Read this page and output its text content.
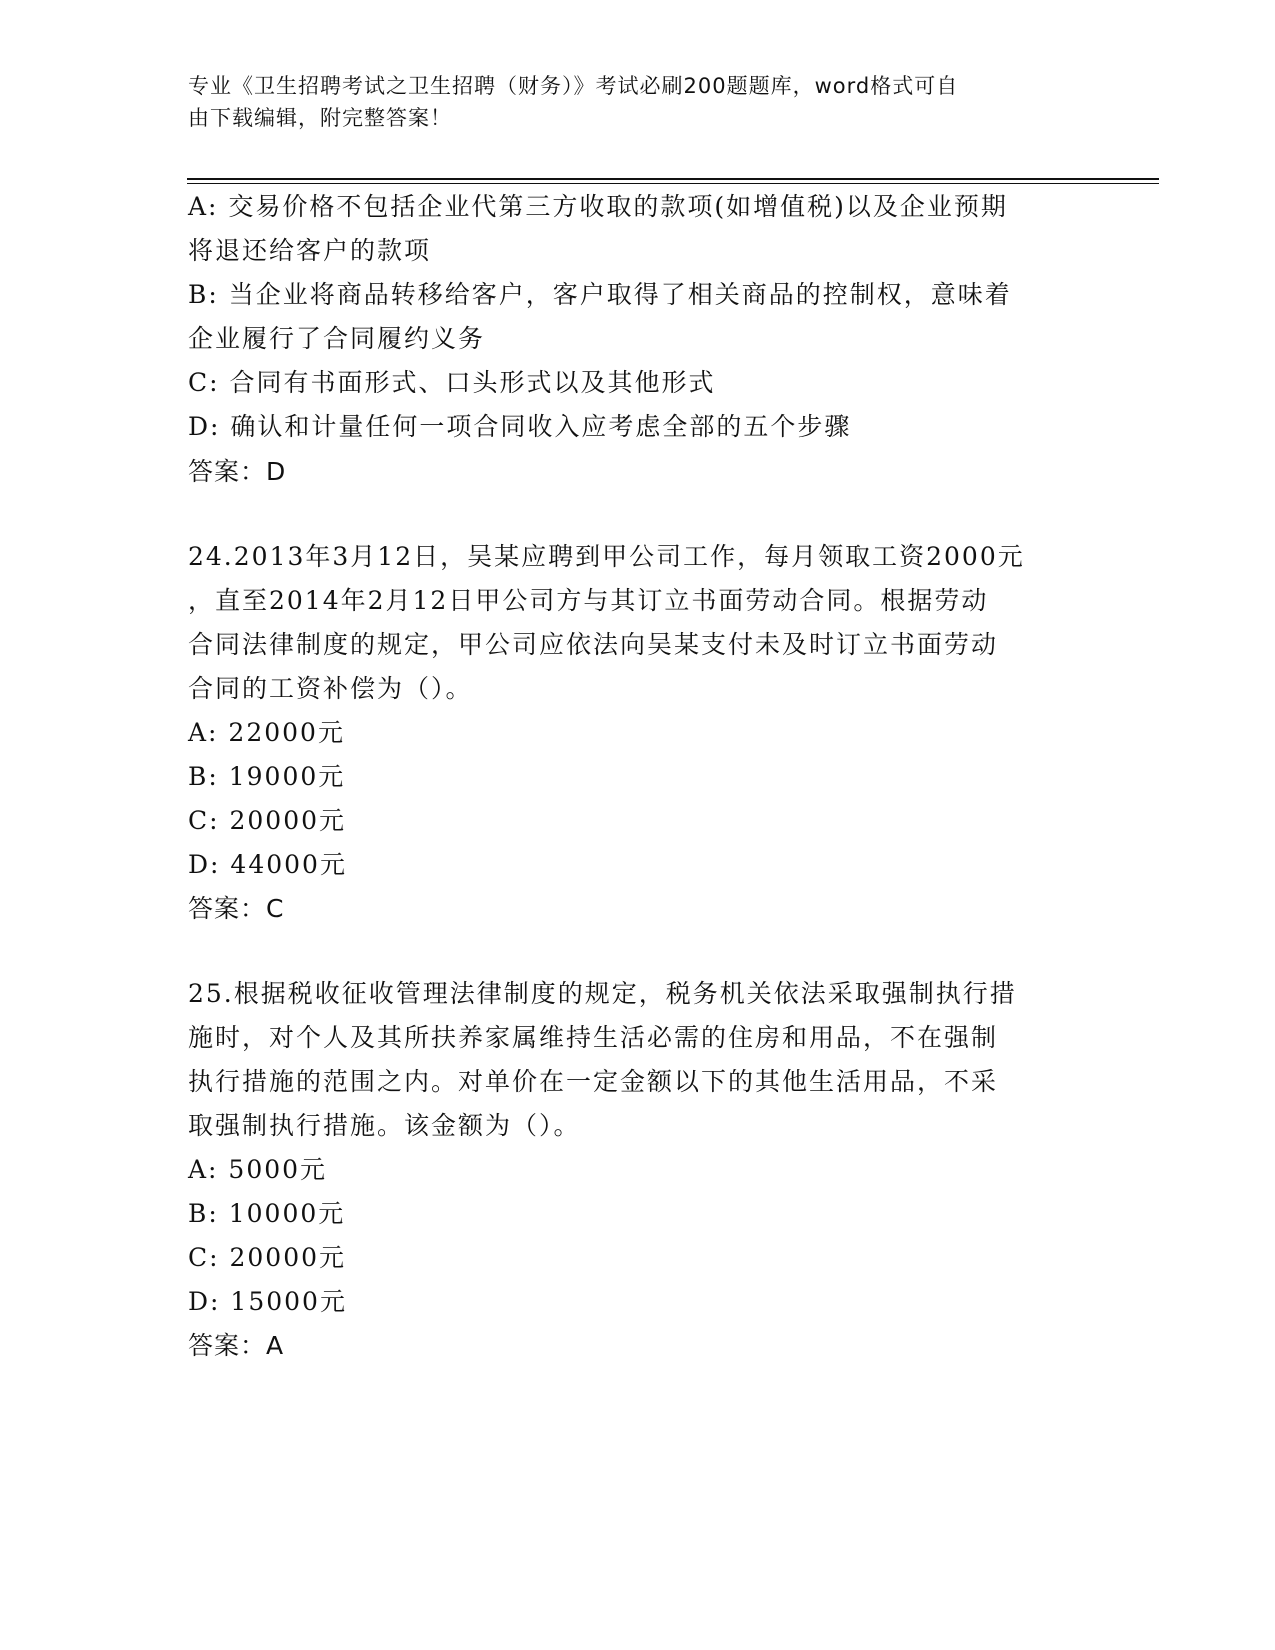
专业《卫生招聘考试之卫生招聘（财务）》考试必刷200题题库，word格式可自
由下载编辑，附完整答案！
A: 交易价格不包括企业代第三方收取的款项(如增值税)以及企业预期
将退还给客户的款项
B: 当企业将商品转移给客户，客户取得了相关商品的控制权，意味着
企业履行了合同履约义务
C: 合同有书面形式、口头形式以及其他形式
D: 确认和计量任何一项合同收入应考虑全部的五个步骤
答案：D
24.2013年3月12日，吴某应聘到甲公司工作，每月领取工资2000元
，直至2014年2月12日甲公司方与其订立书面劳动合同。根据劳动
合同法律制度的规定，甲公司应依法向吴某支付未及时订立书面劳动
合同的工资补偿为（）。
A: 22000元
B: 19000元
C: 20000元
D: 44000元
答案：C
25.根据税收征收管理法律制度的规定，税务机关依法采取强制执行措
施时，对个人及其所扶养家属维持生活必需的住房和用品，不在强制
执行措施的范围之内。对单价在一定金额以下的其他生活用品，不采
取强制执行措施。该金额为（）。
A: 5000元
B: 10000元
C: 20000元
D: 15000元
答案：A
